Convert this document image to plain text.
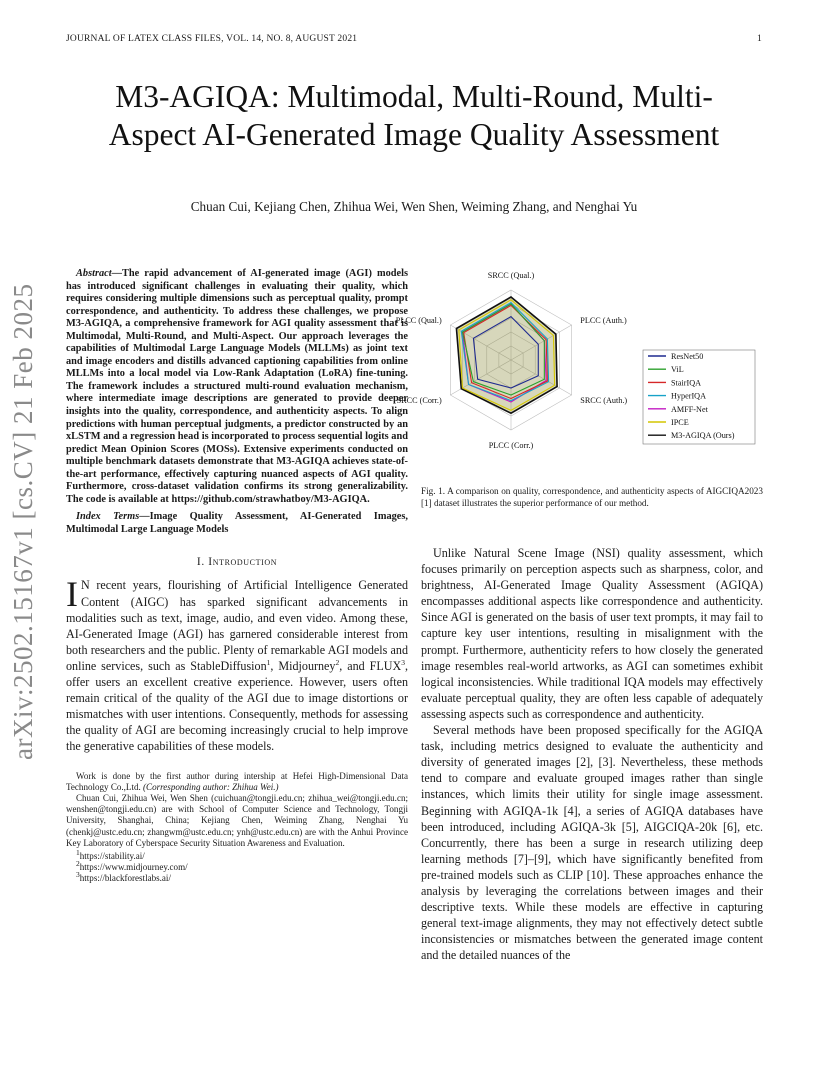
JOURNAL OF LATEX CLASS FILES, VOL. 14, NO. 8, AUGUST 2021	1
arXiv:2502.15167v1 [cs.CV] 21 Feb 2025
M3-AGIQA: Multimodal, Multi-Round, Multi-Aspect AI-Generated Image Quality Assessment
Chuan Cui, Kejiang Chen, Zhihua Wei, Wen Shen, Weiming Zhang, and Nenghai Yu

Abstract—The rapid advancement of AI-generated image (AGI) models has introduced significant challenges in evaluating their quality, which requires considering multiple dimensions such as perceptual quality, prompt correspondence, and authenticity. To address these challenges, we propose M3-AGIQA, a comprehensive framework for AGI quality assessment that is Multimodal, Multi-Round, and Multi-Aspect. Our approach leverages the capabilities of Multimodal Large Language Models (MLLMs) as joint text and image encoders and distills advanced captioning capabilities from online MLLMs into a local model via Low-Rank Adaptation (LoRA) fine-tuning. The framework includes a structured multi-round evaluation mechanism, where intermediate image descriptions are generated to provide deeper insights into the quality, correspondence, and authenticity aspects. To align predictions with human perceptual judgments, a predictor constructed by an xLSTM and a regression head is incorporated to process sequential logits and predict Mean Opinion Scores (MOSs). Extensive experiments conducted on multiple benchmark datasets demonstrate that M3-AGIQA achieves state-of-the-art performance, effectively capturing nuanced aspects of AGI quality. Furthermore, cross-dataset validation confirms its strong generalizability. The code is available at https://github.com/strawhatboy/M3-AGIQA.

Index Terms—Image Quality Assessment, AI-Generated Images, Multimodal Large Language Models

I. Introduction

I N recent years, flourishing of Artificial Intelligence Generated Content (AIGC) has sparked significant advancements in modalities such as text, image, audio, and even video. Among these, AI-Generated Image (AGI) has garnered considerable interest from both researchers and the public. Plenty of remarkable AGI models and online services, such as StableDiffusion$^1$, Midjourney$^2$, and FLUX$^3$, offer users an excellent creative experience. However, users often remain critical of the quality of the AGI due to image distortions or mismatches with user intentions. Consequently, methods for assessing the quality of AGI are becoming increasingly crucial to help improve the generative capabilities of these models.

Work is done by the first author during intership at Hefei High-Dimensional Data Technology Co.,Ltd. (Corresponding author: Zhihua Wei.)

Chuan Cui, Zhihua Wei, Wen Shen (cuichuan@tongji.edu.cn; zhihua_wei@tongji.edu.cn; wenshen@tongji.edu.cn) are with School of Computer Science and Technology, Tongji University, Shanghai, China; Kejiang Chen, Weiming Zhang, Nenghai Yu (chenkj@ustc.edu.cn; zhangwm@ustc.edu.cn; ynh@ustc.edu.cn) are with the Anhui Province Key Laboratory of Cyberspace Security Situation Awareness and Evaluation.

$^1$https://stability.ai/

$^2$https://www.midjourney.com/

$^3$https://blackforestlabs.ai/

SRCC (Qual.)
PLCC (Auth.)
SRCC (Auth.)
PLCC (Corr.)
SRCC (Corr.)
PLCC (Qual.)
ResNet50
ViL
StairIQA
HyperIQA
AMFF-Net
IPCE
M3-AGIQA (Ours)
Fig. 1. A comparison on quality, correspondence, and authenticity aspects of AIGCIQA2023 [1] dataset illustrates the superior performance of our method.

Unlike Natural Scene Image (NSI) quality assessment, which focuses primarily on perception aspects such as sharpness, color, and brightness, AI-Generated Image Quality Assessment (AGIQA) encompasses additional aspects like correspondence and authenticity. Since AGI is generated on the basis of user text prompts, it may fail to capture key user intentions, resulting in misalignment with the prompt. Furthermore, authenticity refers to how closely the generated image resembles real-world artworks, as AGI can sometimes exhibit logical inconsistencies. While traditional IQA models may effectively evaluate perceptual quality, they are often less capable of adequately assessing aspects such as correspondence and authenticity.

Several methods have been proposed specifically for the AGIQA task, including metrics designed to evaluate the authenticity and diversity of generated images [2], [3]. Nevertheless, these methods tend to compare and evaluate grouped images rather than single instances, which limits their utility for single image assessment. Beginning with AGIQA-1k [4], a series of AGIQA databases have been introduced, including AGIQA-3k [5], AIGCIQA-20k [6], etc. Concurrently, there has been a surge in research utilizing deep learning methods [7]–[9], which have significantly benefited from pre-trained models such as CLIP [10]. These approaches enhance the analysis by leveraging the correlations between images and their descriptive texts. While these models are effective in capturing general text-image alignments, they may not effectively detect subtle inconsistencies or mismatches between the generated image content and the detailed nuances of the
